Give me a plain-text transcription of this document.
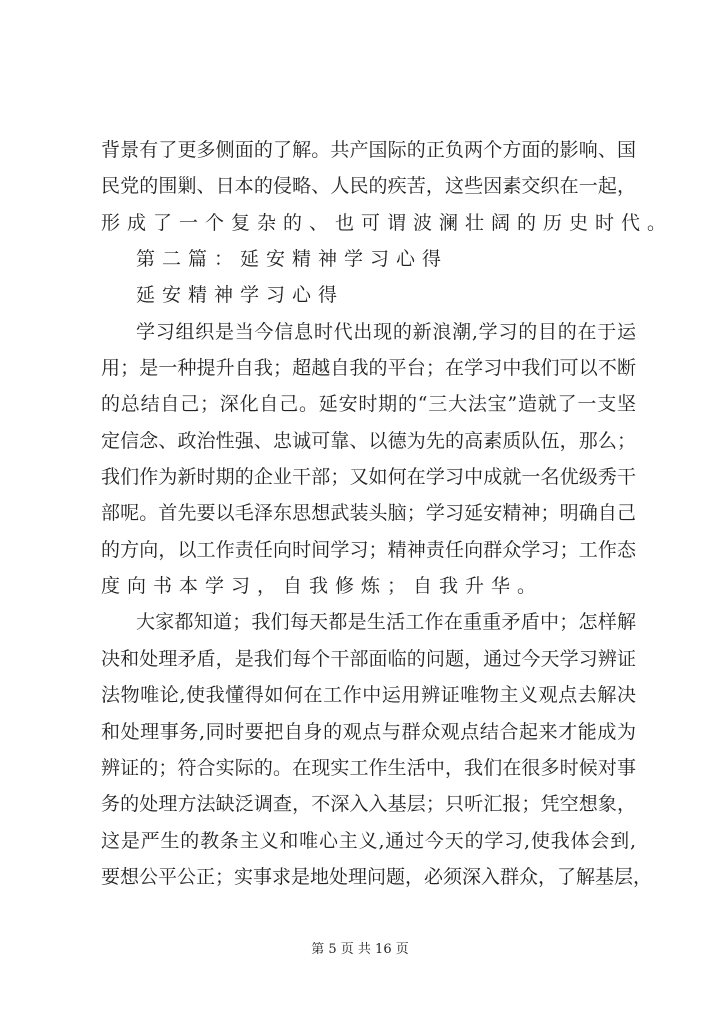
背景有了更多侧面的了解。共产国际的正负两个方面的影响、国
民党的围剿、日本的侵略、人民的疾苦，这些因素交织在一起，
形成了一个复杂的、也可谓波澜壮阔的历史时代。
第二篇：延安精神学习心得
延安精神学习心得
学习组织是当今信息时代出现的新浪潮,学习的目的在于运
用；是一种提升自我；超越自我的平台；在学习中我们可以不断
的总结自己；深化自己。延安时期的“三大法宝”造就了一支坚
定信念、政治性强、忠诚可靠、以德为先的高素质队伍，那么；
我们作为新时期的企业干部；又如何在学习中成就一名优级秀干
部呢。首先要以毛泽东思想武装头脑；学习延安精神；明确自己
的方向，以工作责任向时间学习；精神责任向群众学习；工作态
度向书本学习，自我修炼；自我升华。
大家都知道；我们每天都是生活工作在重重矛盾中；怎样解
决和处理矛盾，是我们每个干部面临的问题，通过今天学习辨证
法物唯论,使我懂得如何在工作中运用辨证唯物主义观点去解决
和处理事务,同时要把自身的观点与群众观点结合起来才能成为
辨证的；符合实际的。在现实工作生活中，我们在很多时候对事
务的处理方法缺泛调查，不深入入基层；只听汇报；凭空想象，
这是严生的教条主义和唯心主义,通过今天的学习,使我体会到,
要想公平公正；实事求是地处理问题，必须深入群众，了解基层，
第 5 页 共 16 页
